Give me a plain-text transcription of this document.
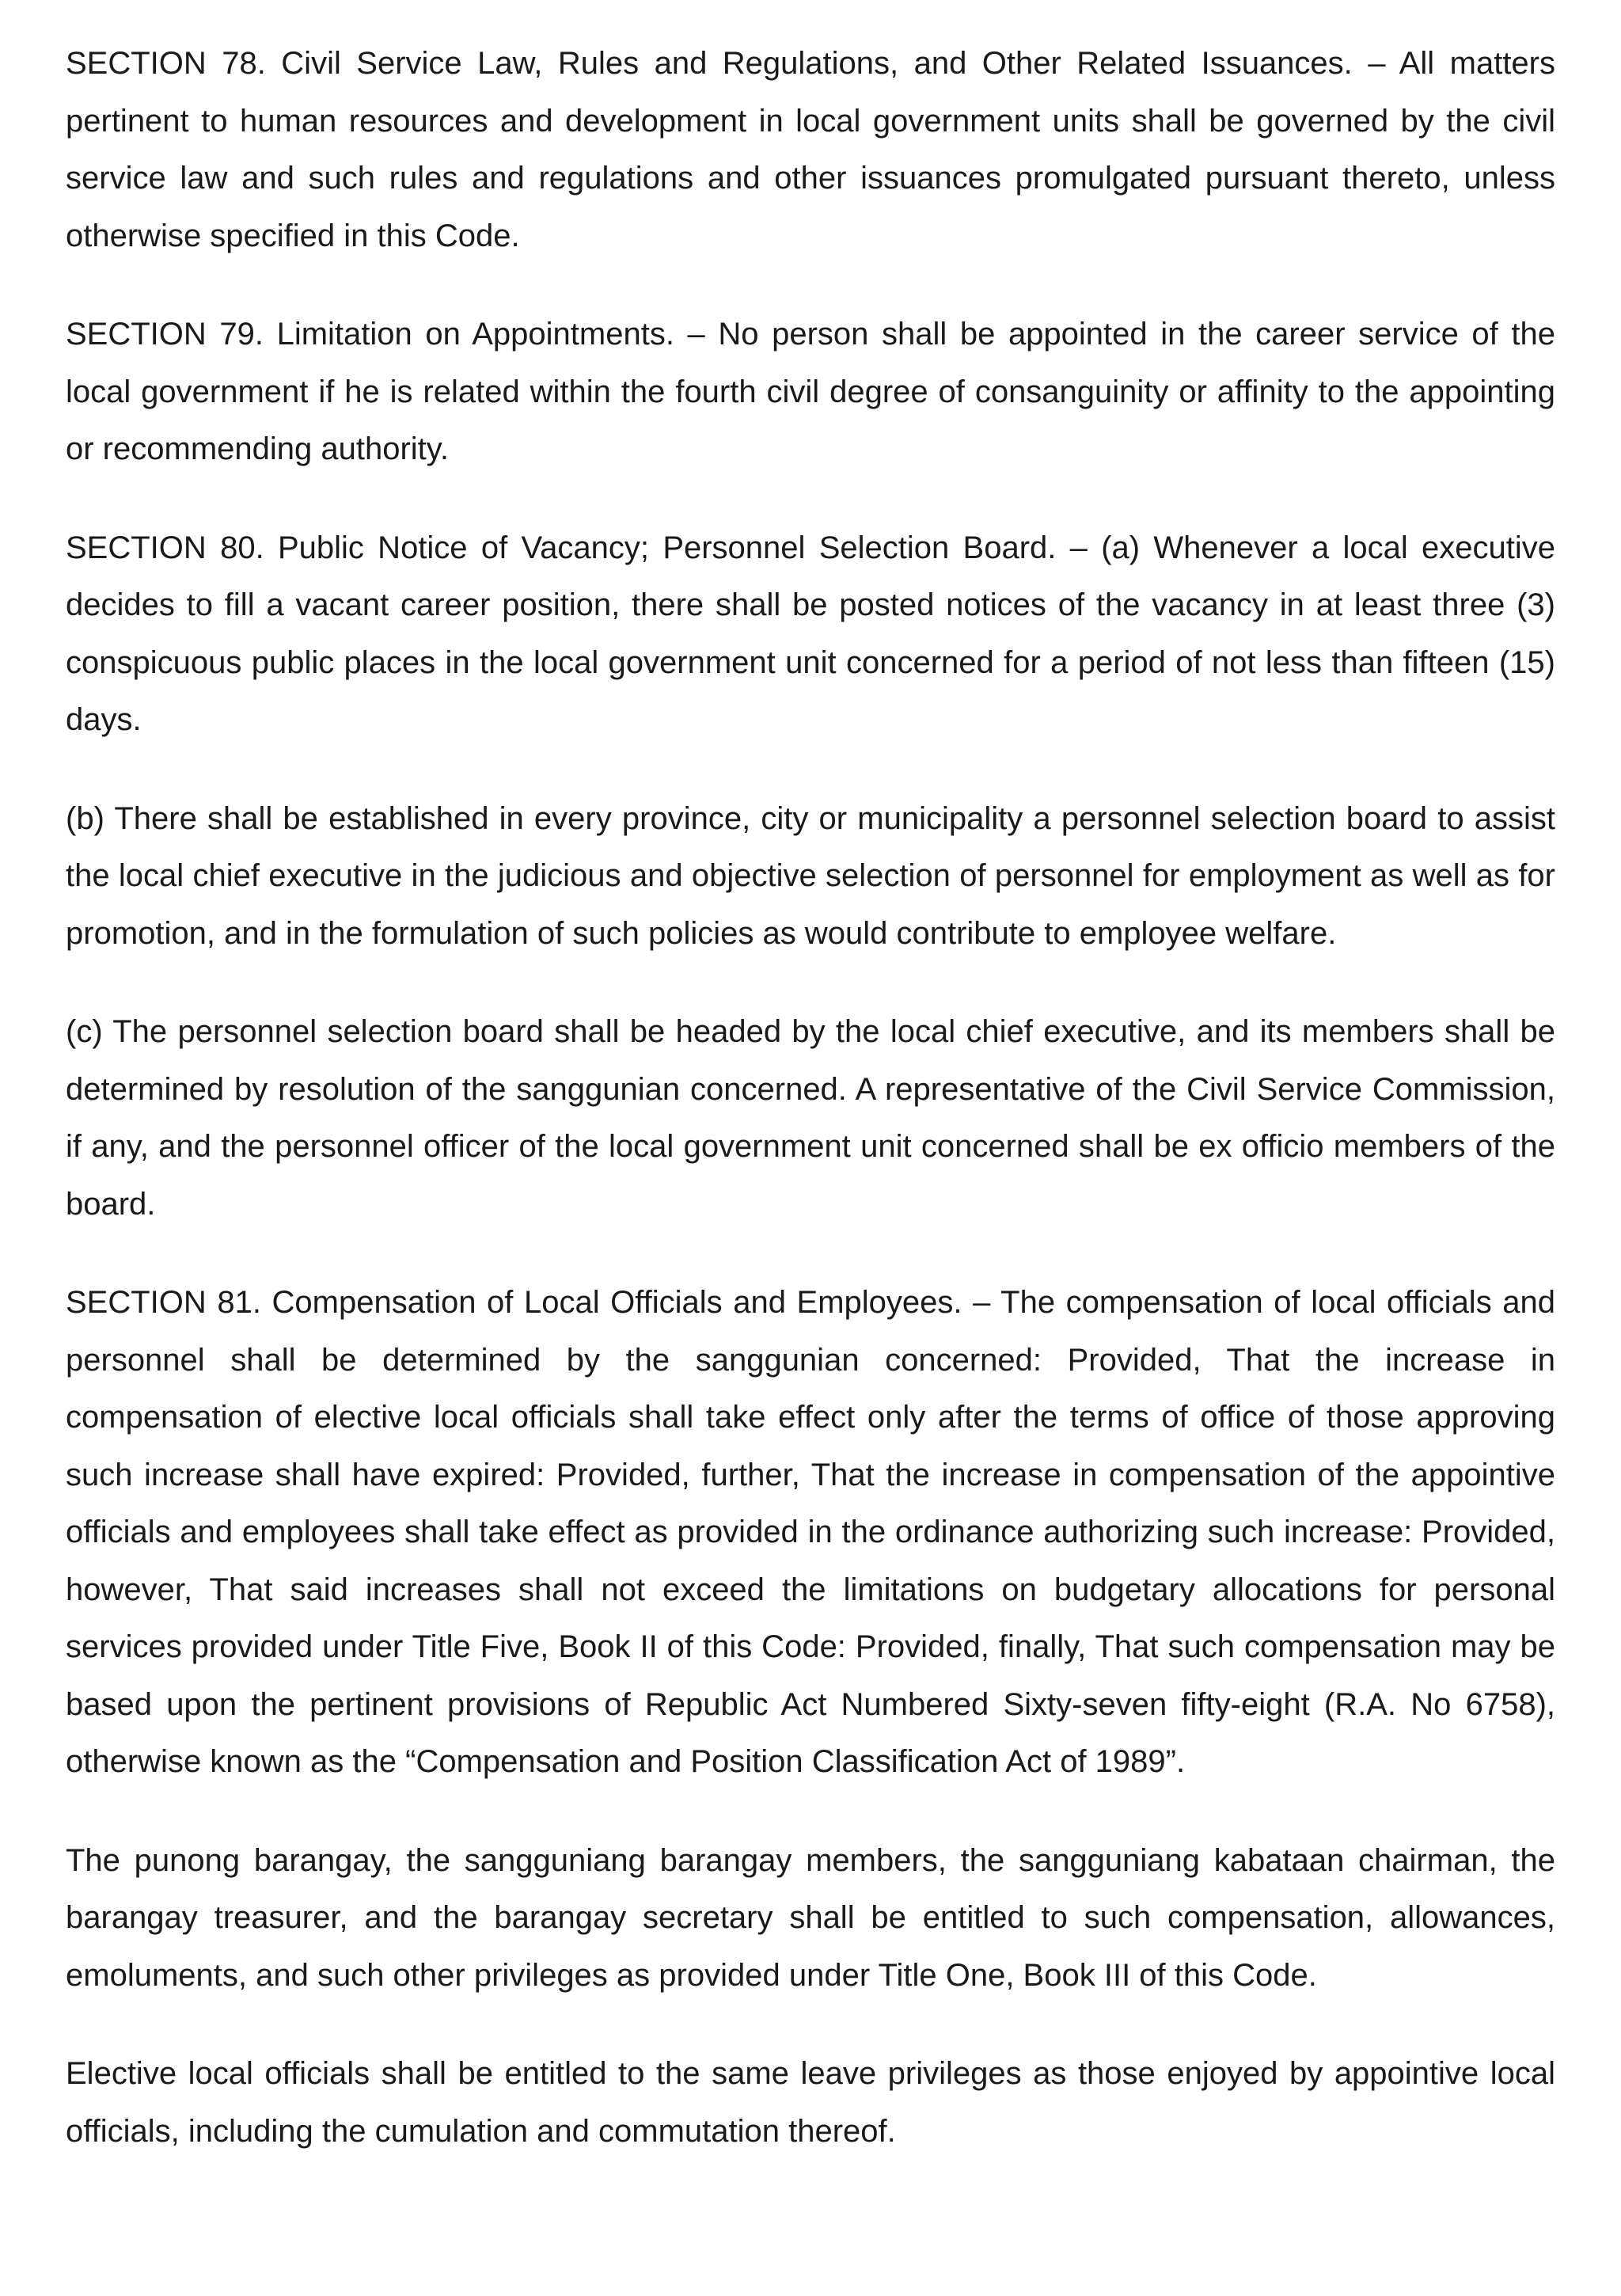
SECTION 78. Civil Service Law, Rules and Regulations, and Other Related Issuances. – All matters pertinent to human resources and development in local government units shall be governed by the civil service law and such rules and regulations and other issuances promulgated pursuant thereto, unless otherwise specified in this Code.

SECTION 79. Limitation on Appointments. – No person shall be appointed in the career service of the local government if he is related within the fourth civil degree of consanguinity or affinity to the appointing or recommending authority.

SECTION 80. Public Notice of Vacancy; Personnel Selection Board. – (a) Whenever a local executive decides to fill a vacant career position, there shall be posted notices of the vacancy in at least three (3) conspicuous public places in the local government unit concerned for a period of not less than fifteen (15) days.

(b) There shall be established in every province, city or municipality a personnel selection board to assist the local chief executive in the judicious and objective selection of personnel for employment as well as for promotion, and in the formulation of such policies as would contribute to employee welfare.

(c) The personnel selection board shall be headed by the local chief executive, and its members shall be determined by resolution of the sanggunian concerned. A representative of the Civil Service Commission, if any, and the personnel officer of the local government unit concerned shall be ex officio members of the board.

SECTION 81. Compensation of Local Officials and Employees. – The compensation of local officials and personnel shall be determined by the sanggunian concerned: Provided, That the increase in compensation of elective local officials shall take effect only after the terms of office of those approving such increase shall have expired: Provided, further, That the increase in compensation of the appointive officials and employees shall take effect as provided in the ordinance authorizing such increase: Provided, however, That said increases shall not exceed the limitations on budgetary allocations for personal services provided under Title Five, Book II of this Code: Provided, finally, That such compensation may be based upon the pertinent provisions of Republic Act Numbered Sixty-seven fifty-eight (R.A. No 6758), otherwise known as the “Compensation and Position Classification Act of 1989”.

The punong barangay, the sangguniang barangay members, the sangguniang kabataan chairman, the barangay treasurer, and the barangay secretary shall be entitled to such compensation, allowances, emoluments, and such other privileges as provided under Title One, Book III of this Code.

Elective local officials shall be entitled to the same leave privileges as those enjoyed by appointive local officials, including the cumulation and commutation thereof.
